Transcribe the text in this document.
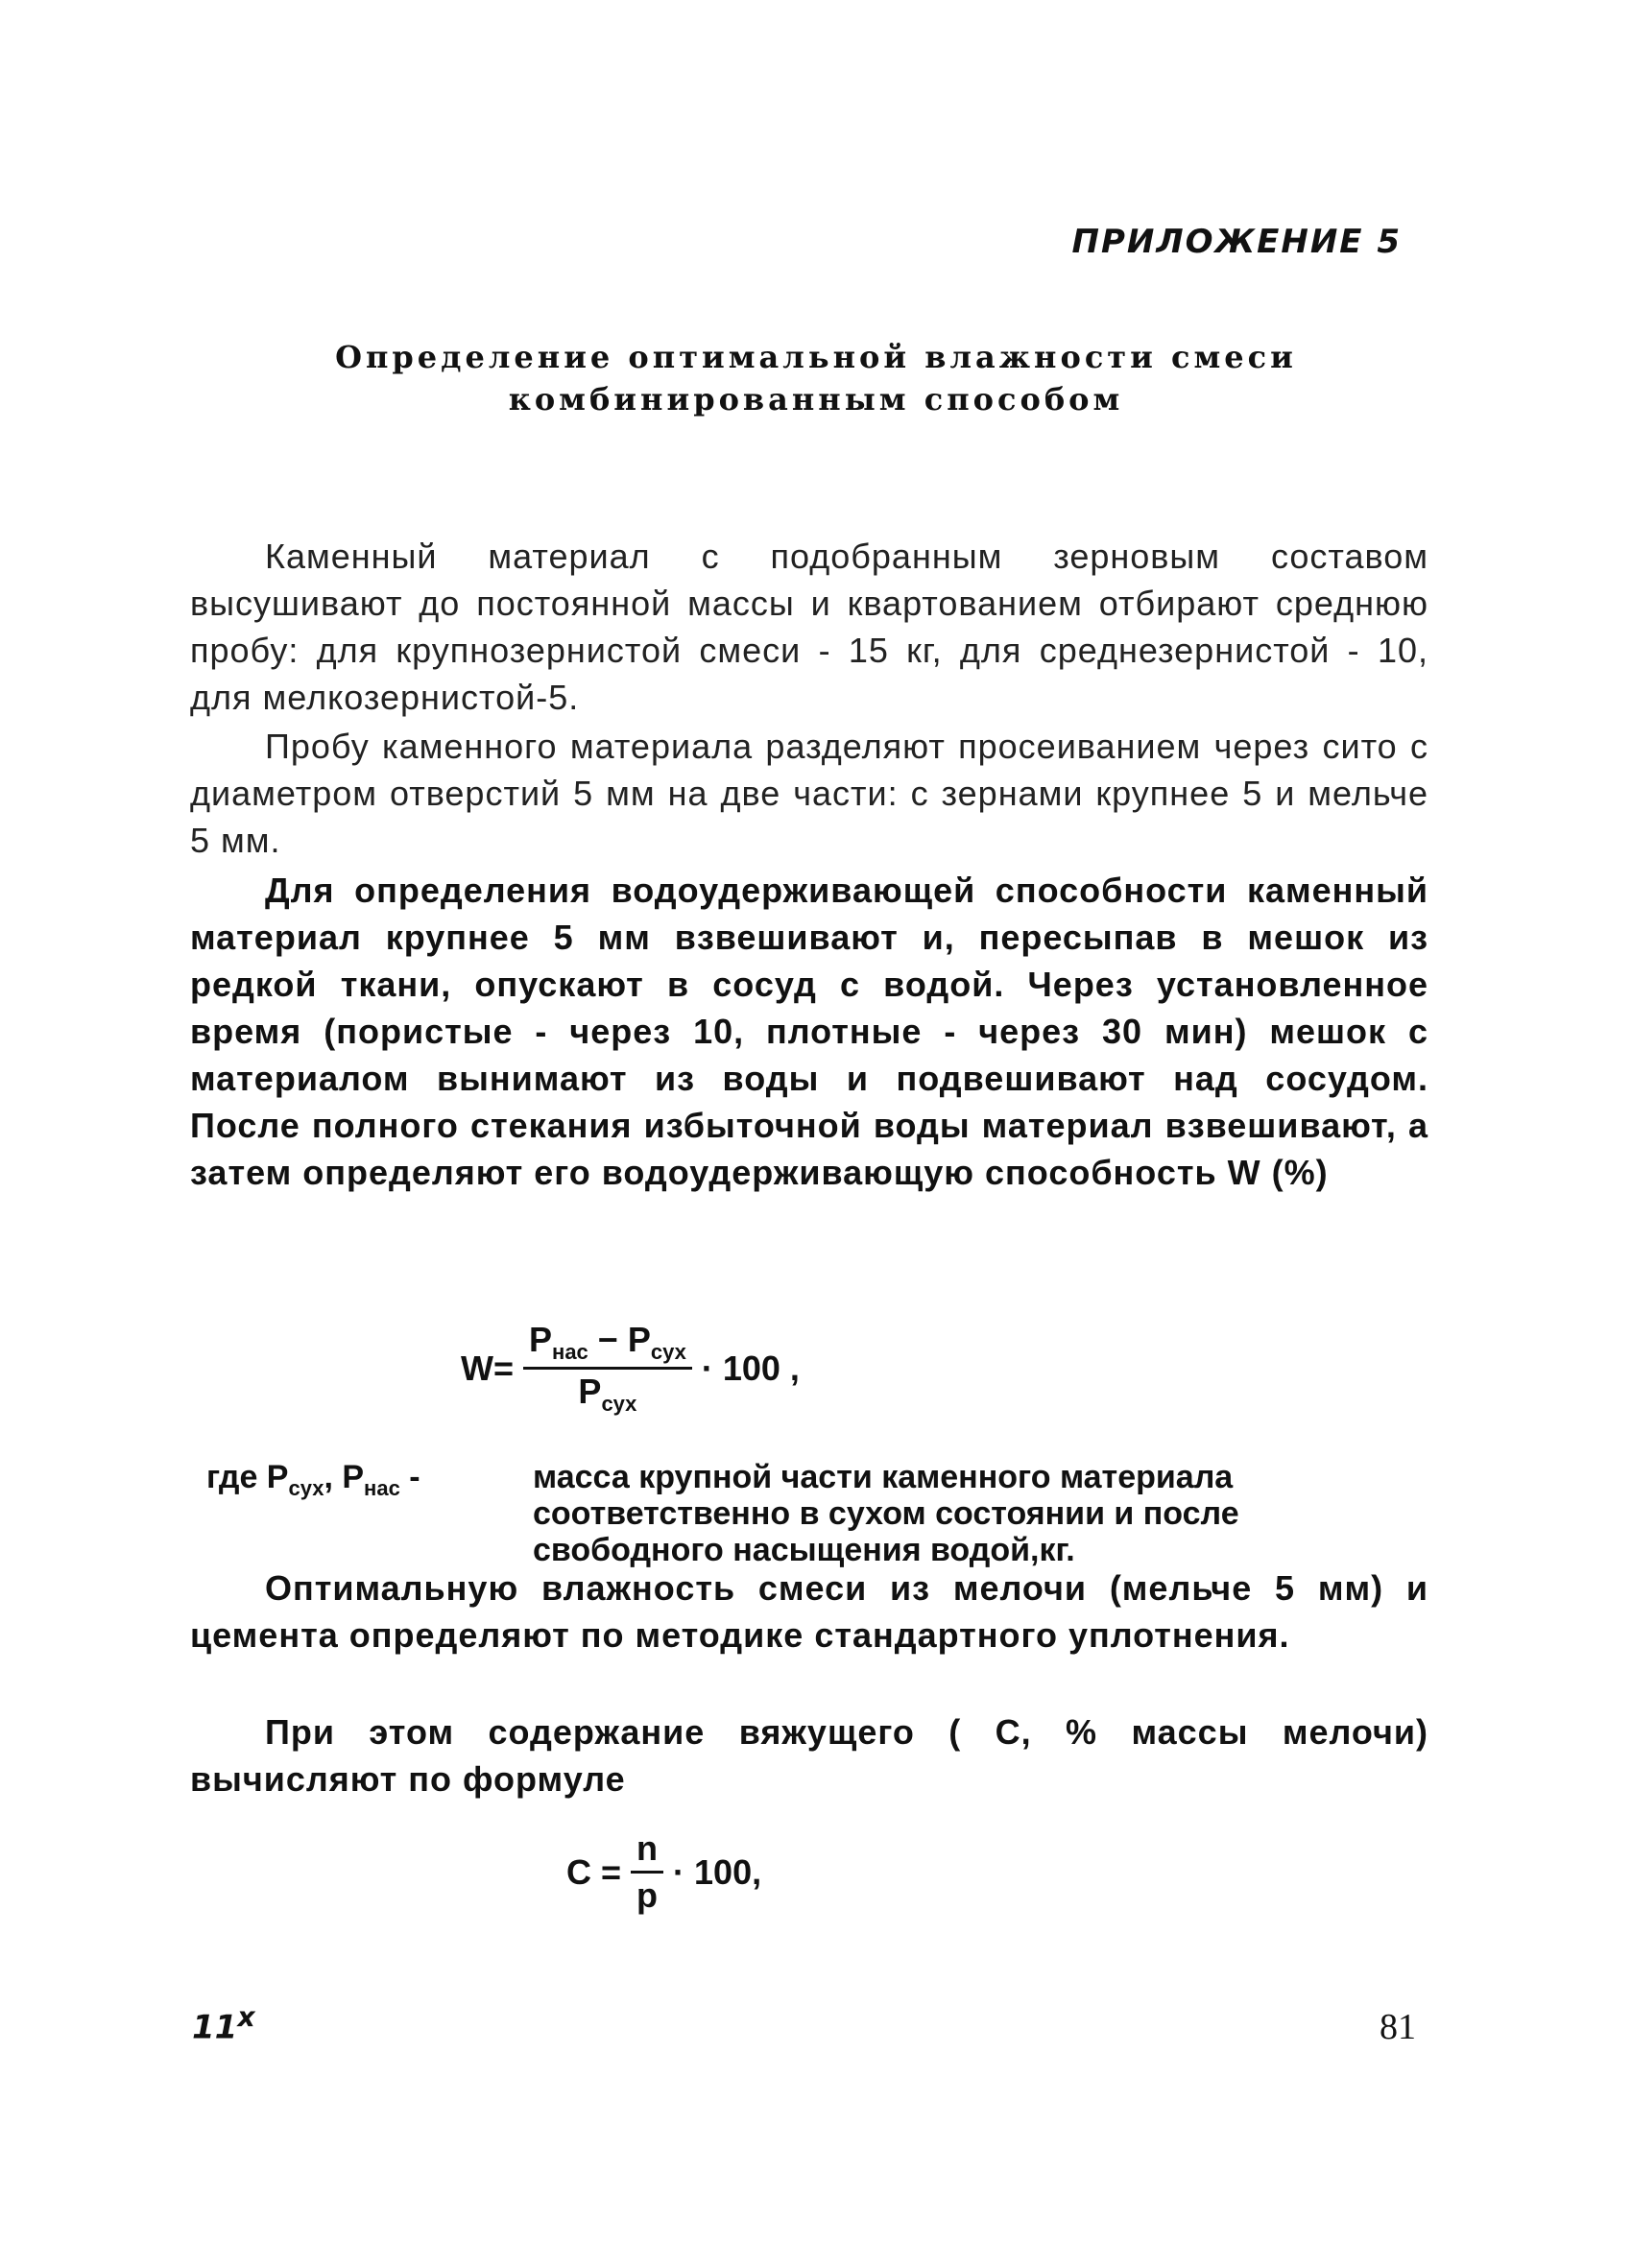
ПРИЛОЖЕНИЕ 5
Определение оптимальной влажности смеси
комбинированным способом
Каменный материал с подобранным зерновым составом высушивают до постоянной массы и квартованием отбирают среднюю пробу: для крупнозернистой смеси - 15 кг, для среднезернистой - 10, для мелкозернистой-5.
Пробу каменного материала разделяют просеиванием через сито с диаметром отверстий 5 мм на две части: с зернами крупнее 5 и мельче 5 мм.
Для определения водоудерживающей способности каменный материал крупнее 5 мм взвешивают и, пересыпав в мешок из редкой ткани, опускают в сосуд с водой. Через установленное время (пористые - через 10, плотные - через 30 мин) мешок с материалом вынимают из воды и подвешивают над сосудом. После полного стекания избыточной воды материал взвешивают, а затем определяют его водоудерживающую способность W (%)
$W= \frac{P_{нас} - P_{сух}}{P_{сух}} \cdot 100$ ,
где $P_{сух}$, $P_{нас}$ -	масса крупной части каменного материала соответственно в сухом состоянии и после свободного насыщения водой,кг.
Оптимальную влажность смеси из мелочи (мельче 5 мм) и цемента определяют по методике стандартного уплотнения.
При этом содержание вяжущего ( C, % массы мелочи) вычисляют по формуле
$C = \frac{n}{p} \cdot 100$,
11$^x$	81
